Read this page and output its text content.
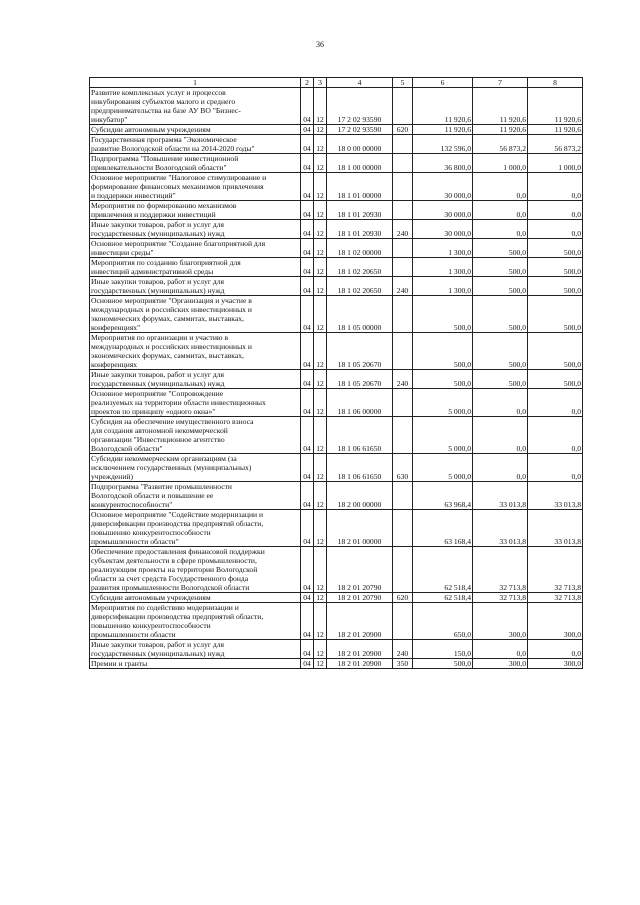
36
1	2	3	4	5	6	7	8
Развитие комплексных услуг и процессов
инкубирования субъектов малого и среднего
предпринимательства на базе АУ ВО "Бизнес-
инкубатор"	04	12	17 2 02 93590		11 920,6	11 920,6	11 920,6
Субсидии автономным учреждениям	04	12	17 2 02 93590	620	11 920,6	11 920,6	11 920,6
Государственная программа "Экономическое
развитие Вологодской области на 2014-2020 годы"	04	12	18 0 00 00000		132 596,0	56 873,2	56 873,2
Подпрограмма "Повышение инвестиционной
привлекательности Вологодской области"	04	12	18 1 00 00000		36 800,0	1 000,0	1 000,0
Основное мероприятие "Налоговое стимулирование и
формирование финансовых механизмов привлечения
и поддержки инвестиций"	04	12	18 1 01 00000		30 000,0	0,0	0,0
Мероприятия по формированию механизмов
привлечения и поддержки инвестиций	04	12	18 1 01 20930		30 000,0	0,0	0,0
Иные закупки товаров, работ и услуг для
государственных (муниципальных) нужд	04	12	18 1 01 20930	240	30 000,0	0,0	0,0
Основное мероприятие "Создание благоприятной для
инвестиции среды"	04	12	18 1 02 00000		1 300,0	500,0	500,0
Мероприятия по созданию благоприятной для
инвестиций административной среды	04	12	18 1 02 20650		1 300,0	500,0	500,0
Иные закупки товаров, работ и услуг для
государственных (муниципальных) нужд	04	12	18 1 02 20650	240	1 300,0	500,0	500,0
Основное мероприятие "Организация и участие в
международных и российских инвестиционных и
экономических форумах, саммитах, выставках,
конференциях"	04	12	18 1 05 00000		500,0	500,0	500,0
Мероприятия по организации и участию в
международных и российских инвестиционных и
экономических форумах, саммитах, выставках,
конференциях	04	12	18 1 05 20670		500,0	500,0	500,0
Иные закупки товаров, работ и услуг для
государственных (муниципальных) нужд	04	12	18 1 05 20670	240	500,0	500,0	500,0
Основное мероприятие "Сопровождение
реализуемых на территории области инвестиционных
проектов по принципу «одного окна»"	04	12	18 1 06 00000		5 000,0	0,0	0,0
Субсидия на обеспечение имущественного взноса
для создания автономной некоммерческой
организации "Инвестиционное агентство
Вологодской области"	04	12	18 1 06 61650		5 000,0	0,0	0,0
Субсидии некоммерческим организациям (за
исключением государственных (муниципальных)
учреждений)	04	12	18 1 06 61650	630	5 000,0	0,0	0,0
Подпрограмма "Развитие промышленности
Вологодской области и повышение ее
конкурентоспособности"	04	12	18 2 00 00000		63 968,4	33 013,8	33 013,8
Основное мероприятие "Содействие модернизации и
диверсификации производства предприятий области,
повышению конкурентоспособности
промышленности области"	04	12	18 2 01 00000		63 168,4	33 013,8	33 013,8
Обеспечение предоставления финансовой поддержки
субъектам деятельности в сфере промышленности,
реализующим проекты на территории Вологодской
области за счет средств Государственного фонда
развития промышленности Вологодской области	04	12	18 2 01 20790		62 518,4	32 713,8	32 713,8
Субсидии автономным учреждениям	04	12	18 2 01 20790	620	62 518,4	32 713,8	32 713,8
Мероприятия по содействию модернизации и
диверсификации производства предприятий области,
повышению конкурентоспособности
промышленности области	04	12	18 2 01 20900		650,0	300,0	300,0
Иные закупки товаров, работ и услуг для
государственных (муниципальных) нужд	04	12	18 2 01 20900	240	150,0	0,0	0,0
Премии и гранты	04	12	18 2 01 20900	350	500,0	300,0	300,0
